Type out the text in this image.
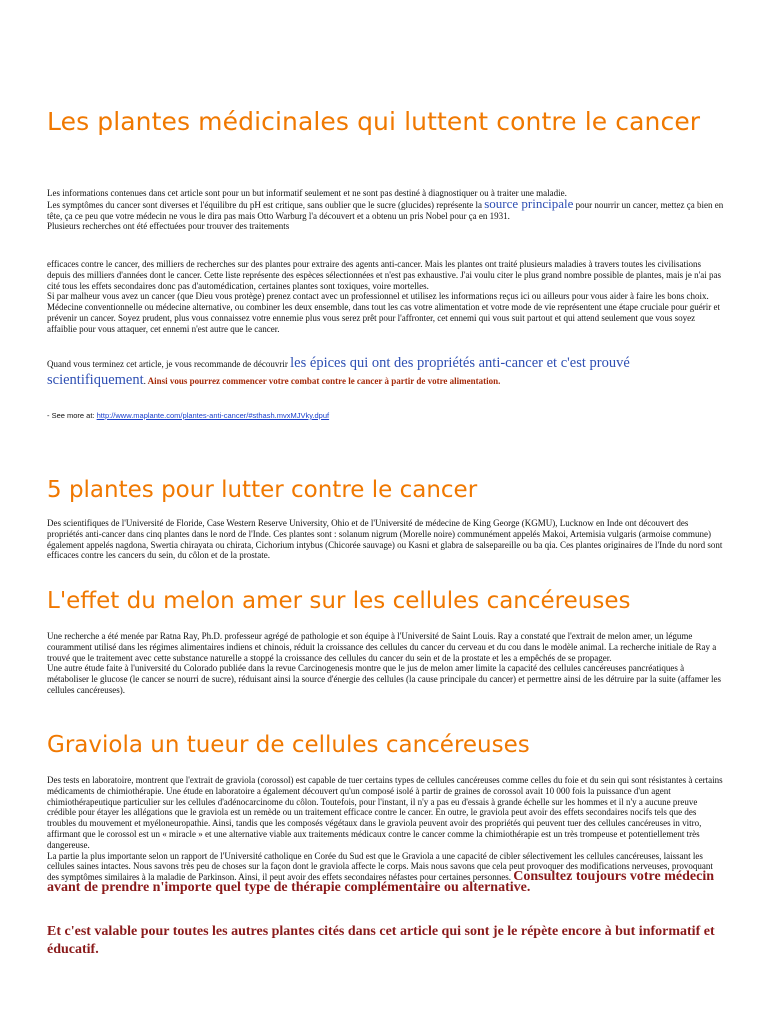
Les plantes médicinales qui luttent contre le cancer

Les informations contenues dans cet article sont pour un but informatif seulement et ne sont pas destiné à diagnostiquer ou à traiter une maladie.

Les symptômes du cancer sont diverses et l'équilibre du pH est critique, sans oublier que le sucre (glucides) représente la source principale pour nourrir un cancer, mettez ça bien en tête, ça ce peu que votre médecin ne vous le dira pas mais Otto Warburg l'a découvert et a obtenu un pris Nobel pour ça en 1931.

Plusieurs recherches ont été effectuées pour trouver des traitements

efficaces contre le cancer, des milliers de recherches sur des plantes pour extraire des agents anti-cancer. Mais les plantes ont traité plusieurs maladies à travers toutes les civilisations depuis des milliers d'années dont le cancer. Cette liste représente des espèces sélectionnées et n'est pas exhaustive. J'ai voulu citer le plus grand nombre possible de plantes, mais je n'ai pas cité tous les effets secondaires donc pas d'automédication, certaines plantes sont toxiques, voire mortelles.

Si par malheur vous avez un cancer (que Dieu vous protège) prenez contact avec un professionnel et utilisez les informations reçus ici ou ailleurs pour vous aider à faire les bons choix. Médecine conventionnelle ou médecine alternative, ou combiner les deux ensemble, dans tout les cas votre alimentation et votre mode de vie représentent une étape cruciale pour guérir et prévenir un cancer. Soyez prudent, plus vous connaissez votre ennemie plus vous serez prêt pour l'affronter, cet ennemi qui vous suit partout et qui attend seulement que vous soyez affaiblie pour vous attaquer, cet ennemi n'est autre que le cancer.

Quand vous terminez cet article, je vous recommande de découvrir les épices qui ont des propriétés anti-cancer et c'est prouvé scientifiquement. Ainsi vous pourrez commencer votre combat contre le cancer à partir de votre alimentation.

- See more at: http://www.maplante.com/plantes-anti-cancer/#sthash.mvxMJVky.dpuf
5 plantes pour lutter contre le cancer

Des scientifiques de l'Université de Floride, Case Western Reserve University, Ohio et de l'Université de médecine de King George (KGMU), Lucknow en Inde ont découvert des propriétés anti-cancer dans cinq plantes dans le nord de l'Inde. Ces plantes sont : solanum nigrum (Morelle noire) communément appelés Makoi, Artemisia vulgaris (armoise commune) également appelés nagdona, Swertia chirayata ou chirata, Cichorium intybus (Chicorée sauvage) ou Kasni et glabra de salsepareille ou ba qia. Ces plantes originaires de l'Inde du nord sont efficaces contre les cancers du sein, du côlon et de la prostate.

L'effet du melon amer sur les cellules cancéreuses

Une recherche a été menée par Ratna Ray, Ph.D. professeur agrégé de pathologie et son équipe à l'Université de Saint Louis. Ray a constaté que l'extrait de melon amer, un légume couramment utilisé dans les régimes alimentaires indiens et chinois, réduit la croissance des cellules du cancer du cerveau et du cou dans le modèle animal. La recherche initiale de Ray a trouvé que le traitement avec cette substance naturelle a stoppé la croissance des cellules du cancer du sein et de la prostate et les a empêchés de se propager.

Une autre étude faite à l'université du Colorado publiée dans la revue Carcinogenesis montre que le jus de melon amer limite la capacité des cellules cancéreuses pancréatiques à métaboliser le glucose (le cancer se nourri de sucre), réduisant ainsi la source d'énergie des cellules (la cause principale du cancer) et permettre ainsi de les détruire par la suite (affamer les cellules cancéreuses).

Graviola un tueur de cellules cancéreuses

Des tests en laboratoire, montrent que l'extrait de graviola (corossol) est capable de tuer certains types de cellules cancéreuses comme celles du foie et du sein qui sont résistantes à certains médicaments de chimiothérapie. Une étude en laboratoire a également découvert qu'un composé isolé à partir de graines de corossol avait 10 000 fois la puissance d'un agent chimiothérapeutique particulier sur les cellules d'adénocarcinome du côlon. Toutefois, pour l'instant, il n'y a pas eu d'essais à grande échelle sur les hommes et il n'y a aucune preuve crédible pour étayer les allégations que le graviola est un remède ou un traitement efficace contre le cancer. En outre, le graviola peut avoir des effets secondaires nocifs tels que des troubles du mouvement et myéloneuropathie. Ainsi, tandis que les composés végétaux dans le graviola peuvent avoir des propriétés qui peuvent tuer des cellules cancéreuses in vitro, affirmant que le corossol est un « miracle » et une alternative viable aux traitements médicaux contre le cancer comme la chimiothérapie est un très trompeuse et potentiellement très dangereuse.

La partie la plus importante selon un rapport de l'Université catholique en Corée du Sud est que le Graviola a une capacité de cibler sélectivement les cellules cancéreuses, laissant les cellules saines intactes. Nous savons très peu de choses sur la façon dont le graviola affecte le corps. Mais nous savons que cela peut provoquer des modifications nerveuses, provoquant des symptômes similaires à la maladie de Parkinson. Ainsi, il peut avoir des effets secondaires néfastes pour certaines personnes. Consultez toujours votre médecin avant de prendre n'importe quel type de thérapie complémentaire ou alternative.

Et c'est valable pour toutes les autres plantes cités dans cet article qui sont je le répète encore à but informatif et éducatif.
